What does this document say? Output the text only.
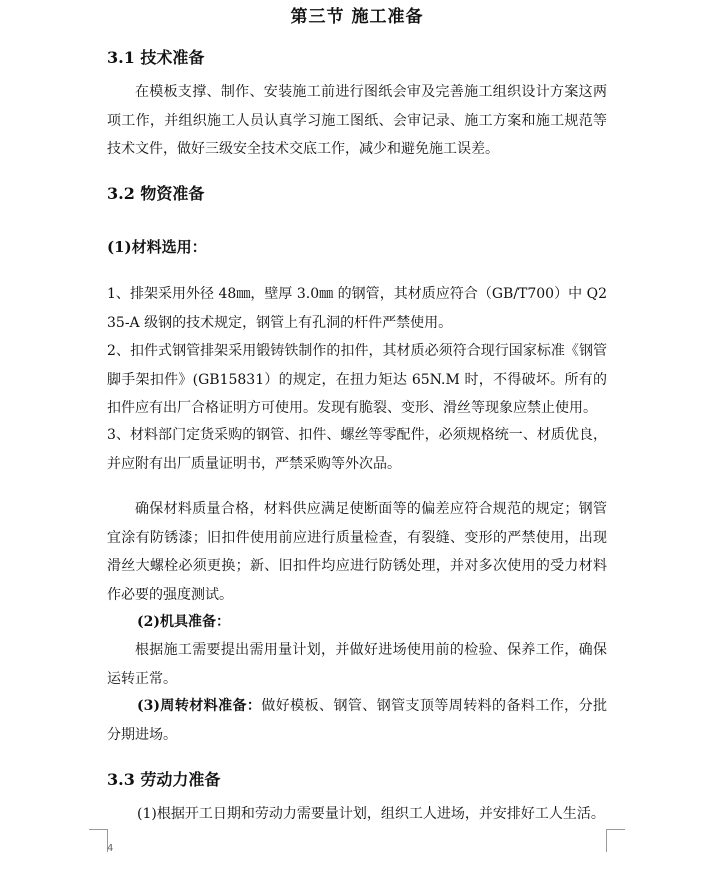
第三节 施工准备
3.1 技术准备
在模板支撑、制作、安装施工前进行图纸会审及完善施工组织设计方案这两项工作，并组织施工人员认真学习施工图纸、会审记录、施工方案和施工规范等技术文件，做好三级安全技术交底工作，减少和避免施工误差。
3.2 物资准备
(1)材料选用：
1、排架采用外径 48㎜，壁厚 3.0㎜ 的钢管，其材质应符合（GB/T700）中 Q235-A 级钢的技术规定，钢管上有孔洞的杆件严禁使用。
2、扣件式钢管排架采用锻铸铁制作的扣件，其材质必须符合现行国家标准《钢管脚手架扣件》(GB15831）的规定，在扭力矩达 65N.M 时，不得破坏。所有的扣件应有出厂合格证明方可使用。发现有脆裂、变形、滑丝等现象应禁止使用。
3、材料部门定货采购的钢管、扣件、螺丝等零配件，必须规格统一、材质优良，并应附有出厂质量证明书，严禁采购等外次品。
确保材料质量合格，材料供应满足使断面等的偏差应符合规范的规定；钢管宜涂有防锈漆；旧扣件使用前应进行质量检查，有裂缝、变形的严禁使用，出现滑丝大螺栓必须更换；新、旧扣件均应进行防锈处理，并对多次使用的受力材料作必要的强度测试。
(2)机具准备：
根据施工需要提出需用量计划，并做好进场使用前的检验、保养工作，确保运转正常。
(3)周转材料准备：做好模板、钢管、钢管支顶等周转料的备料工作，分批分期进场。
3.3 劳动力准备
(1)根据开工日期和劳动力需要量计划，组织工人进场，并安排好工人生活。
4
